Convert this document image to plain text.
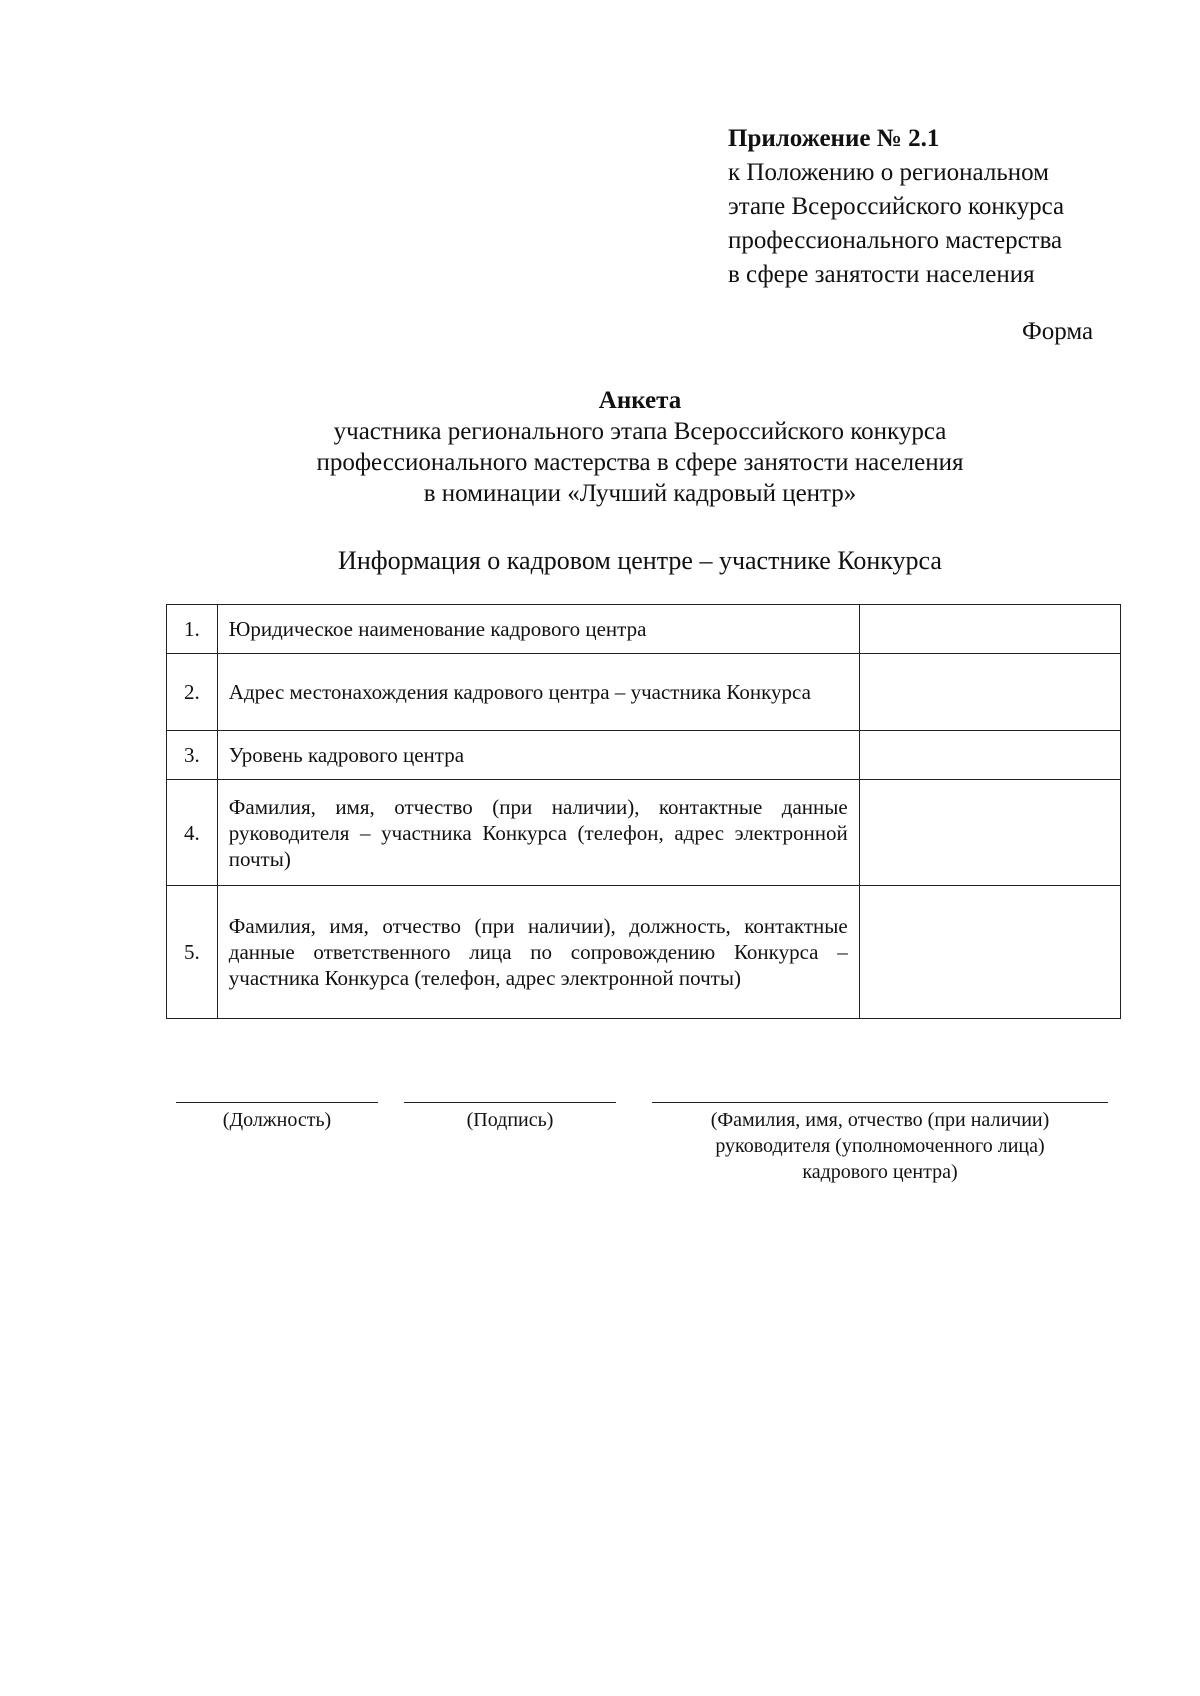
Приложение № 2.1
к Положению о региональном
этапе Всероссийского конкурса
профессионального мастерства
в сфере занятости населения
Форма
Анкета
участника регионального этапа Всероссийского конкурса
профессионального мастерства в сфере занятости населения
в номинации «Лучший кадровый центр»
Информация о кадровом центре – участнике Конкурса
1.	Юридическое наименование кадрового центра	
2.	Адрес местонахождения кадрового центра – участника Конкурса	
3.	Уровень кадрового центра	
4.	Фамилия, имя, отчество (при наличии), контактные данные руководителя – участника Конкурса (телефон, адрес электронной почты)	
5.	Фамилия, имя, отчество (при наличии), должность, контактные данные ответственного лица по сопровождению Конкурса – участника Конкурса (телефон, адрес электронной почты)	
(Должность)	(Подпись)	(Фамилия, имя, отчество (при наличии)
руководителя (уполномоченного лица)
кадрового центра)
